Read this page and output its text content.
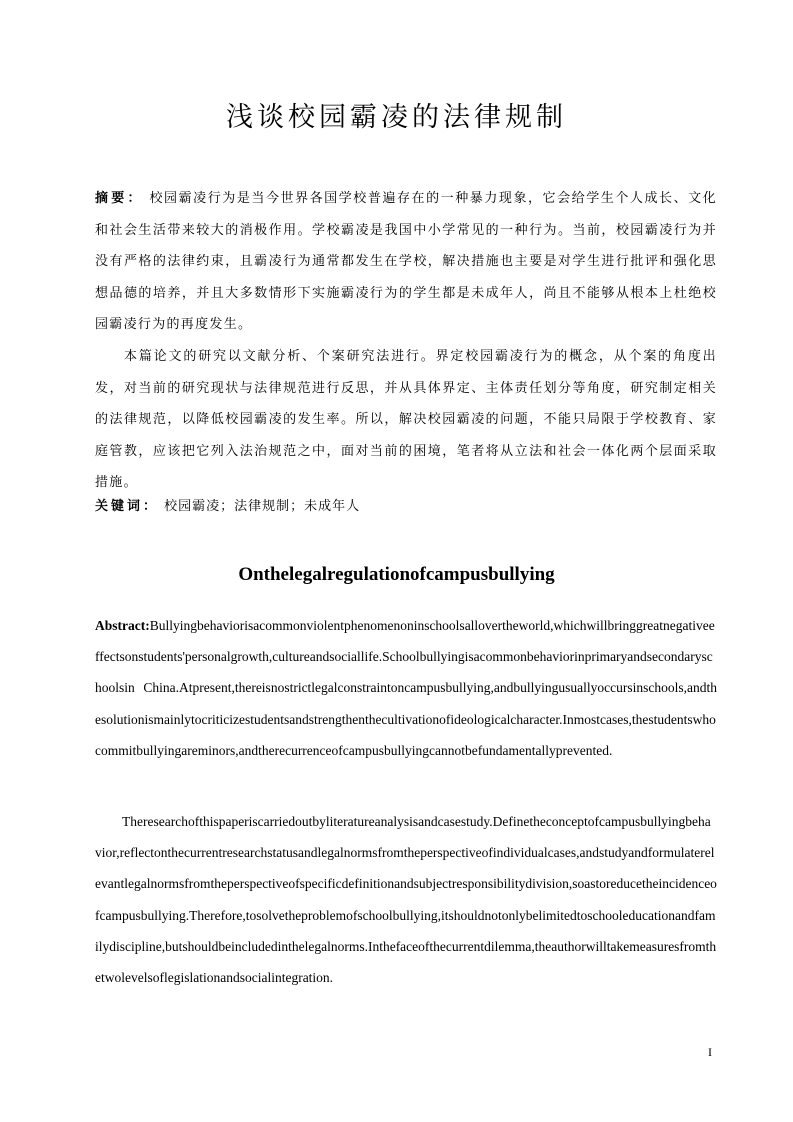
浅谈校园霸凌的法律规制

摘要： 校园霸凌行为是当今世界各国学校普遍存在的一种暴力现象，它会给学生个人成长、文化和社会生活带来较大的消极作用。学校霸凌是我国中小学常见的一种行为。当前，校园霸凌行为并没有严格的法律约束，且霸凌行为通常都发生在学校，解决措施也主要是对学生进行批评和强化思想品德的培养，并且大多数情形下实施霸凌行为的学生都是未成年人，尚且不能够从根本上杜绝校园霸凌行为的再度发生。

本篇论文的研究以文献分析、个案研究法进行。界定校园霸凌行为的概念，从个案的角度出发，对当前的研究现状与法律规范进行反思，并从具体界定、主体责任划分等角度，研究制定相关的法律规范，以降低校园霸凌的发生率。所以，解决校园霸凌的问题，不能只局限于学校教育、家庭管教，应该把它列入法治规范之中，面对当前的困境，笔者将从立法和社会一体化两个层面采取措施。

关键词： 校园霸凌；法律规制；未成年人

Onthelegalregulationofcampusbullying

Abstract:Bullyingbehaviorisacommonviolentphenomenoninschoolsallovertheworld,whichwillbringgreatnegativeeffectsonstudents'personalgrowth,cultureandsociallife.Schoolbullyingisacommonbehaviorinprimaryandsecondaryschoolsin China.Atpresent,thereisnostrictlegalconstraintoncampusbullying,andbullyingusuallyoccursinschools,andthesolutionismainlytocriticizestudentsandstrengthenthecultivationofideologicalcharacter.Inmostcases,thestudentswhocommitbullyingareminors,andtherecurrenceofcampusbullyingcannotbefundamentallyprevented.

Theresearchofthispaperiscarriedoutbyliteratureanalysisandcasestudy.Definetheconceptofcampusbullyingbehavior,reflectonthecurrentresearchstatusandlegalnormsfromtheperspectiveofindividualcases,andstudyandformulaterelevantlegalnormsfromtheperspectiveofspecificdefinitionandsubjectresponsibilitydivision,soastoreducetheincidenceofcampusbullying.Therefore,tosolvetheproblemofschoolbullying,itshouldnotonlybelimitedtoschooleducationandfamilydiscipline,butshouldbeincludedinthelegalnorms.Inthefaceofthecurrentdilemma,theauthorwilltakemeasuresfromthetwolevelsoflegislationandsocialintegration.

I
